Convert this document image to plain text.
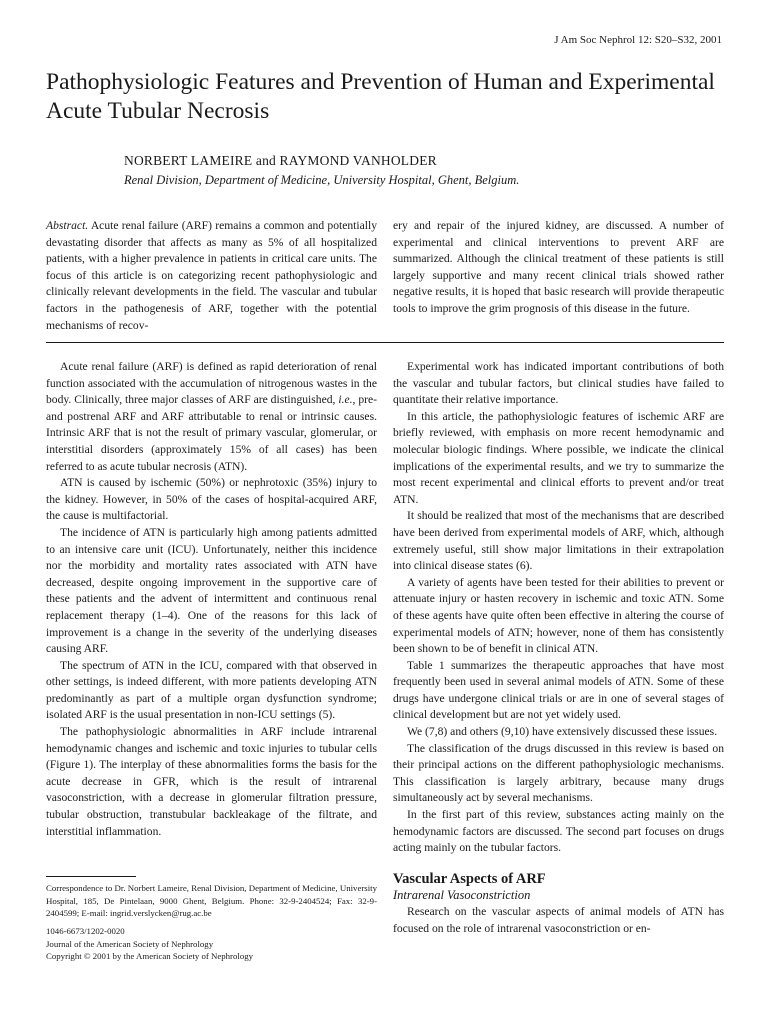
J Am Soc Nephrol 12: S20–S32, 2001
Pathophysiologic Features and Prevention of Human and Experimental Acute Tubular Necrosis
NORBERT LAMEIRE and RAYMOND VANHOLDER
Renal Division, Department of Medicine, University Hospital, Ghent, Belgium.

Abstract. Acute renal failure (ARF) remains a common and potentially devastating disorder that affects as many as 5% of all hospitalized patients, with a higher prevalence in patients in critical care units. The focus of this article is on categorizing recent pathophysiologic and clinically relevant developments in the field. The vascular and tubular factors in the pathogenesis of ARF, together with the potential mechanisms of recov-

ery and repair of the injured kidney, are discussed. A number of experimental and clinical interventions to prevent ARF are summarized. Although the clinical treatment of these patients is still largely supportive and many recent clinical trials showed rather negative results, it is hoped that basic research will provide therapeutic tools to improve the grim prognosis of this disease in the future.

Acute renal failure (ARF) is defined as rapid deterioration of renal function associated with the accumulation of nitrogenous wastes in the body. Clinically, three major classes of ARF are distinguished, i.e., pre- and postrenal ARF and ARF attributable to renal or intrinsic causes. Intrinsic ARF that is not the result of primary vascular, glomerular, or interstitial disorders (approximately 15% of all cases) has been referred to as acute tubular necrosis (ATN).

ATN is caused by ischemic (50%) or nephrotoxic (35%) injury to the kidney. However, in 50% of the cases of hospital-acquired ARF, the cause is multifactorial.

The incidence of ATN is particularly high among patients admitted to an intensive care unit (ICU). Unfortunately, neither this incidence nor the morbidity and mortality rates associated with ATN have decreased, despite ongoing improvement in the supportive care of these patients and the advent of intermittent and continuous renal replacement therapy (1–4). One of the reasons for this lack of improvement is a change in the severity of the underlying diseases causing ARF.

The spectrum of ATN in the ICU, compared with that observed in other settings, is indeed different, with more patients developing ATN predominantly as part of a multiple organ dysfunction syndrome; isolated ARF is the usual presentation in non-ICU settings (5).

The pathophysiologic abnormalities in ARF include intrarenal hemodynamic changes and ischemic and toxic injuries to tubular cells (Figure 1). The interplay of these abnormalities forms the basis for the acute decrease in GFR, which is the result of intrarenal vasoconstriction, with a decrease in glomerular filtration pressure, tubular obstruction, transtubular backleakage of the filtrate, and interstitial inflammation.

Correspondence to Dr. Norbert Lameire, Renal Division, Department of Medicine, University Hospital, 185, De Pintelaan, 9000 Ghent, Belgium. Phone: 32-9-2404524; Fax: 32-9-2404599; E-mail: ingrid.verslycken@rug.ac.be

1046-6673/1202-0020
Journal of the American Society of Nephrology
Copyright © 2001 by the American Society of Nephrology

Experimental work has indicated important contributions of both the vascular and tubular factors, but clinical studies have failed to quantitate their relative importance.

In this article, the pathophysiologic features of ischemic ARF are briefly reviewed, with emphasis on more recent hemodynamic and molecular biologic findings. Where possible, we indicate the clinical implications of the experimental results, and we try to summarize the most recent experimental and clinical efforts to prevent and/or treat ATN.

It should be realized that most of the mechanisms that are described have been derived from experimental models of ARF, which, although extremely useful, still show major limitations in their extrapolation into clinical disease states (6).

A variety of agents have been tested for their abilities to prevent or attenuate injury or hasten recovery in ischemic and toxic ATN. Some of these agents have quite often been effective in altering the course of experimental models of ATN; however, none of them has consistently been shown to be of benefit in clinical ATN.

Table 1 summarizes the therapeutic approaches that have most frequently been used in several animal models of ATN. Some of these drugs have undergone clinical trials or are in one of several stages of clinical development but are not yet widely used.

We (7,8) and others (9,10) have extensively discussed these issues.

The classification of the drugs discussed in this review is based on their principal actions on the different pathophysiologic mechanisms. This classification is largely arbitrary, because many drugs simultaneously act by several mechanisms.

In the first part of this review, substances acting mainly on the hemodynamic factors are discussed. The second part focuses on drugs acting mainly on the tubular factors.

Vascular Aspects of ARF

Intrarenal Vasoconstriction

Research on the vascular aspects of animal models of ATN has focused on the role of intrarenal vasoconstriction or en-
